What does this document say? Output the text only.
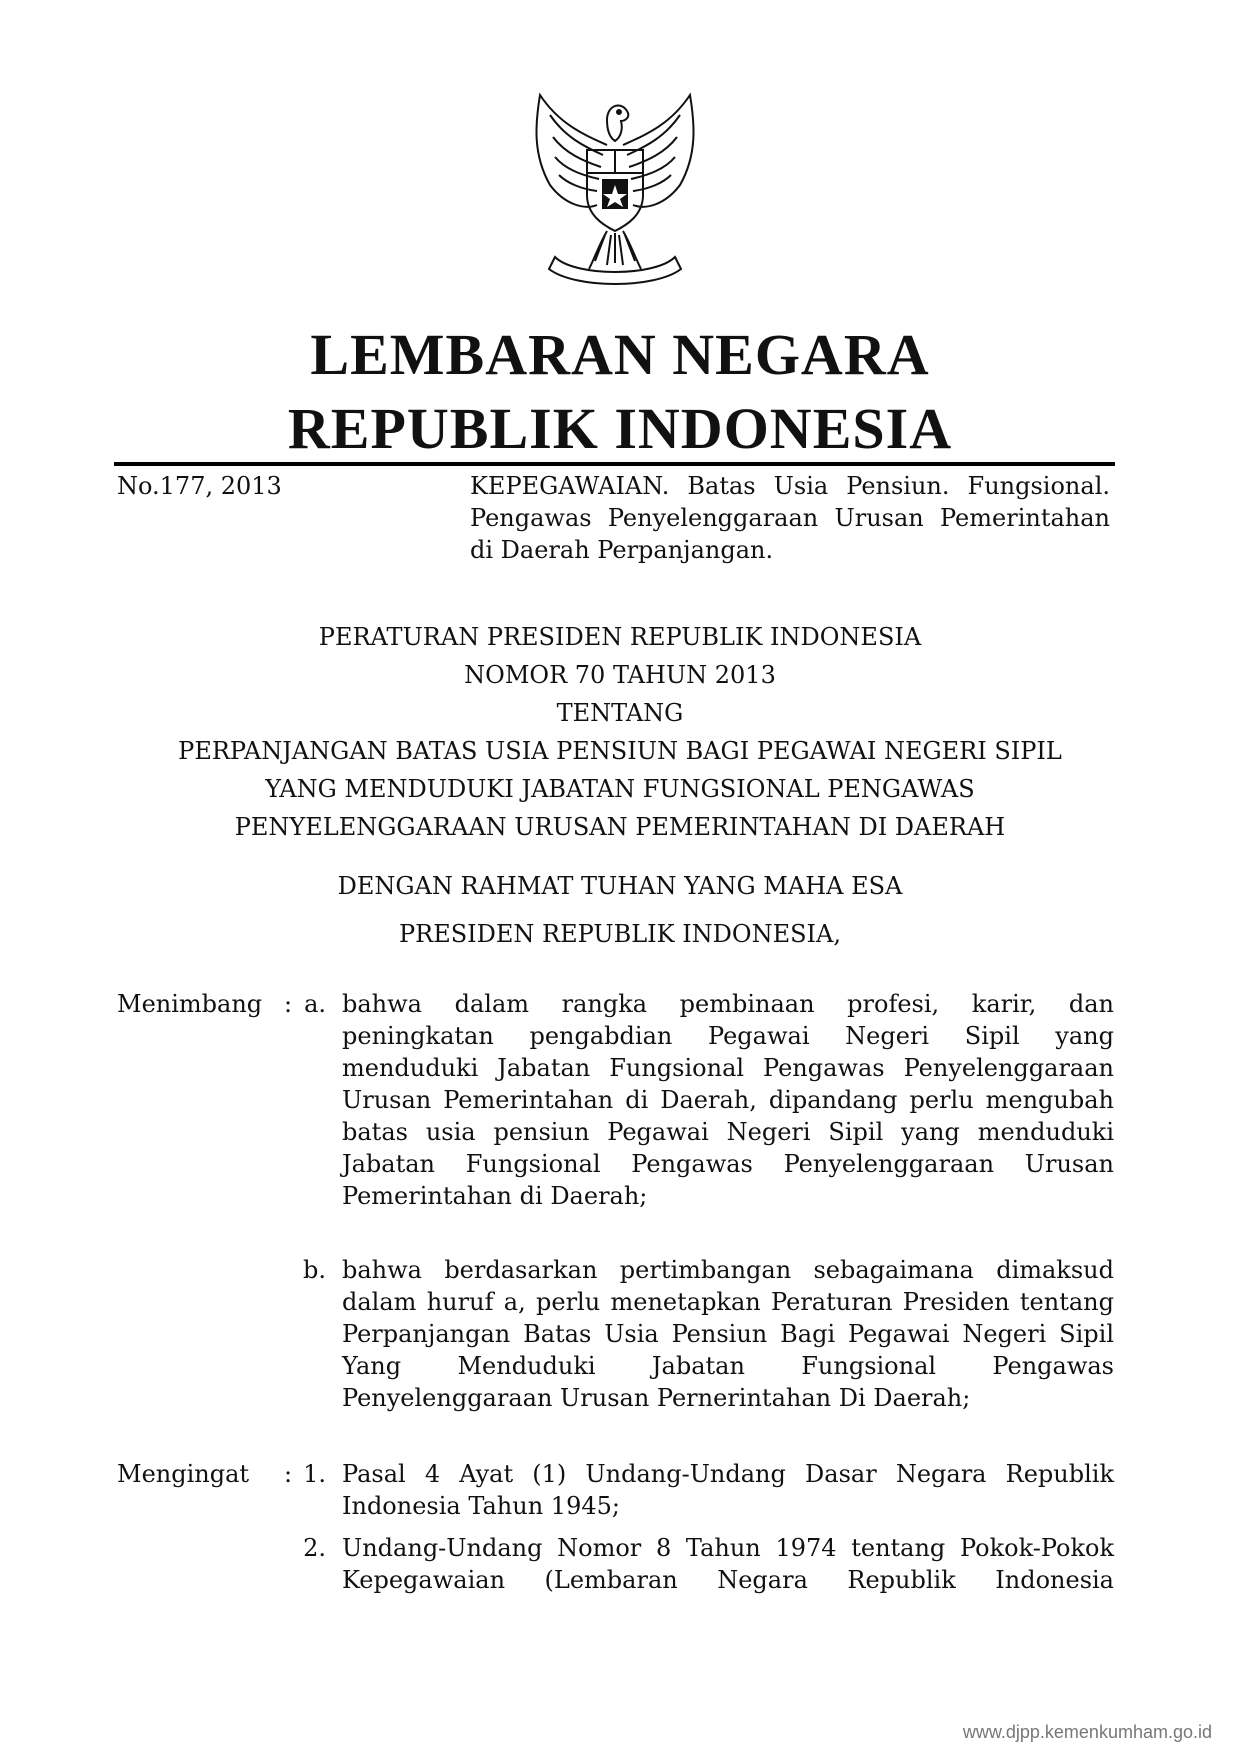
LEMBARAN NEGARA
REPUBLIK INDONESIA
No.177, 2013	KEPEGAWAIAN. Batas Usia Pensiun. Fungsional. Pengawas Penyelenggaraan Urusan Pemerintahan di Daerah Perpanjangan.
PERATURAN PRESIDEN REPUBLIK INDONESIA
NOMOR 70 TAHUN 2013
TENTANG
PERPANJANGAN BATAS USIA PENSIUN BAGI PEGAWAI NEGERI SIPIL
YANG MENDUDUKI JABATAN FUNGSIONAL PENGAWAS
PENYELENGGARAAN URUSAN PEMERINTAHAN DI DAERAH
DENGAN RAHMAT TUHAN YANG MAHA ESA
PRESIDEN REPUBLIK INDONESIA,
Menimbang : a. bahwa dalam rangka pembinaan profesi, karir, dan peningkatan pengabdian Pegawai Negeri Sipil yang menduduki Jabatan Fungsional Pengawas Penyelenggaraan Urusan Pemerintahan di Daerah, dipandang perlu mengubah batas usia pensiun Pegawai Negeri Sipil yang menduduki Jabatan Fungsional Pengawas Penyelenggaraan Urusan Pemerintahan di Daerah;
b. bahwa berdasarkan pertimbangan sebagaimana dimaksud dalam huruf a, perlu menetapkan Peraturan Presiden tentang Perpanjangan Batas Usia Pensiun Bagi Pegawai Negeri Sipil Yang Menduduki Jabatan Fungsional Pengawas Penyelenggaraan Urusan Pernerintahan Di Daerah;
Mengingat : 1. Pasal 4 Ayat (1) Undang-Undang Dasar Negara Republik Indonesia Tahun 1945;
2. Undang-Undang Nomor 8 Tahun 1974 tentang Pokok-Pokok Kepegawaian (Lembaran Negara Republik Indonesia
www.djpp.kemenkumham.go.id
